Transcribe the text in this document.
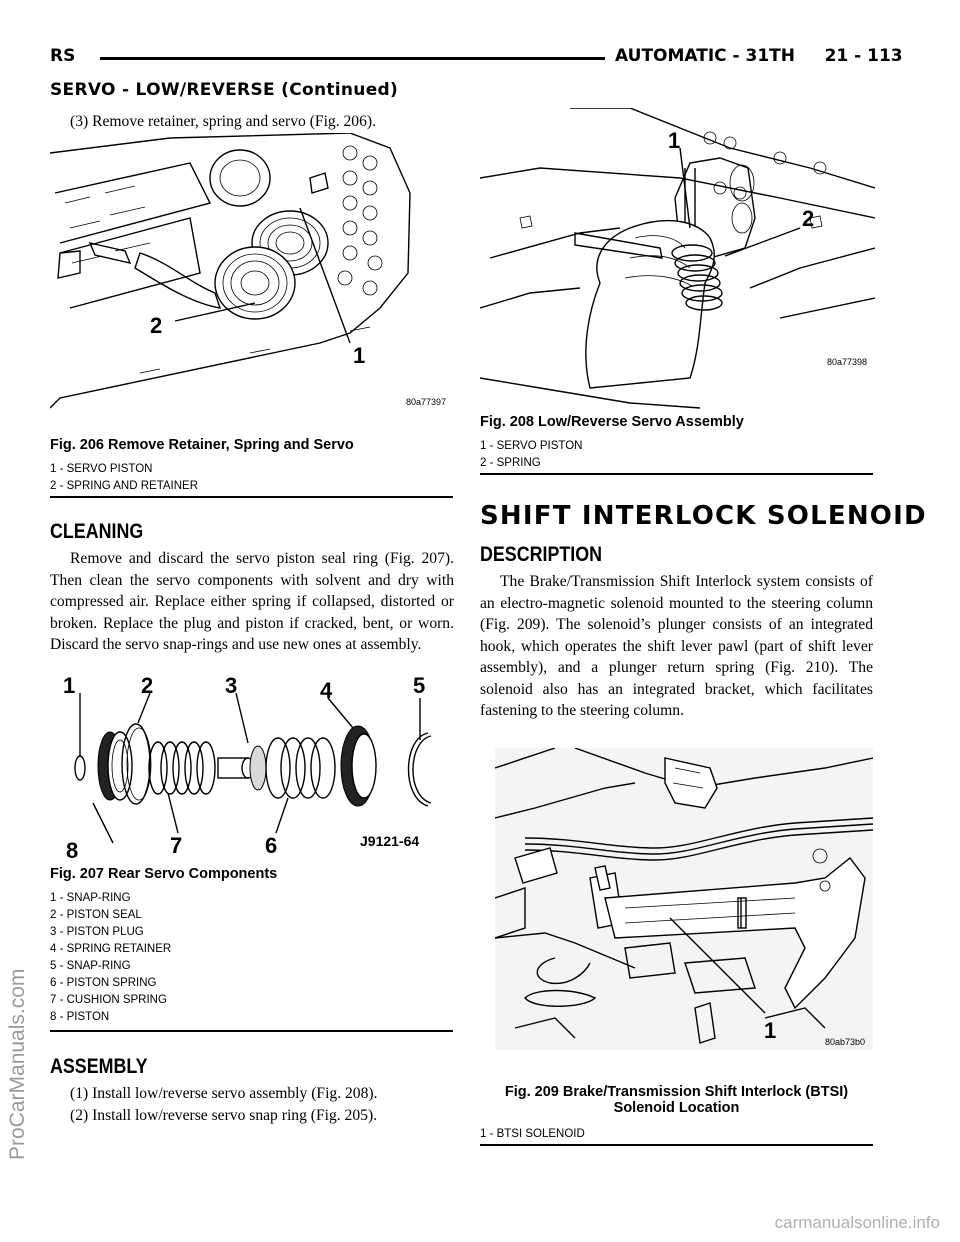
RS	AUTOMATIC - 31TH     21 - 113
SERVO - LOW/REVERSE (Continued)
(3) Remove retainer, spring and servo (Fig. 206).
2
1
80a77397
Fig. 206 Remove Retainer, Spring and Servo
1 - SERVO PISTON
2 - SPRING AND RETAINER
CLEANING
Remove and discard the servo piston seal ring (Fig. 207). Then clean the servo components with solvent and dry with compressed air. Replace either spring if collapsed, distorted or broken. Replace the plug and piston if cracked, bent, or worn. Discard the servo snap-rings and use new ones at assembly.
1	2	3	4	5
7	6
8	J9121-64
Fig. 207 Rear Servo Components
1 - SNAP-RING
2 - PISTON SEAL
3 - PISTON PLUG
4 - SPRING RETAINER
5 - SNAP-RING
6 - PISTON SPRING
7 - CUSHION SPRING
8 - PISTON
ASSEMBLY
(1) Install low/reverse servo assembly (Fig. 208).
(2) Install low/reverse servo snap ring (Fig. 205).
1
2
80a77398
Fig. 208 Low/Reverse Servo Assembly
1 - SERVO PISTON
2 - SPRING
SHIFT INTERLOCK SOLENOID
DESCRIPTION
The Brake/Transmission Shift Interlock system consists of an electro-magnetic solenoid mounted to the steering column (Fig. 209). The solenoid’s plunger consists of an integrated hook, which operates the shift lever pawl (part of shift lever assembly), and a plunger return spring (Fig. 210). The solenoid also has an integrated bracket, which facilitates fastening to the steering column.
1	80ab73b0
Fig. 209 Brake/Transmission Shift Interlock (BTSI)
Solenoid Location
1 - BTSI SOLENOID
ProCarManuals.com
carmanualsonline.info
